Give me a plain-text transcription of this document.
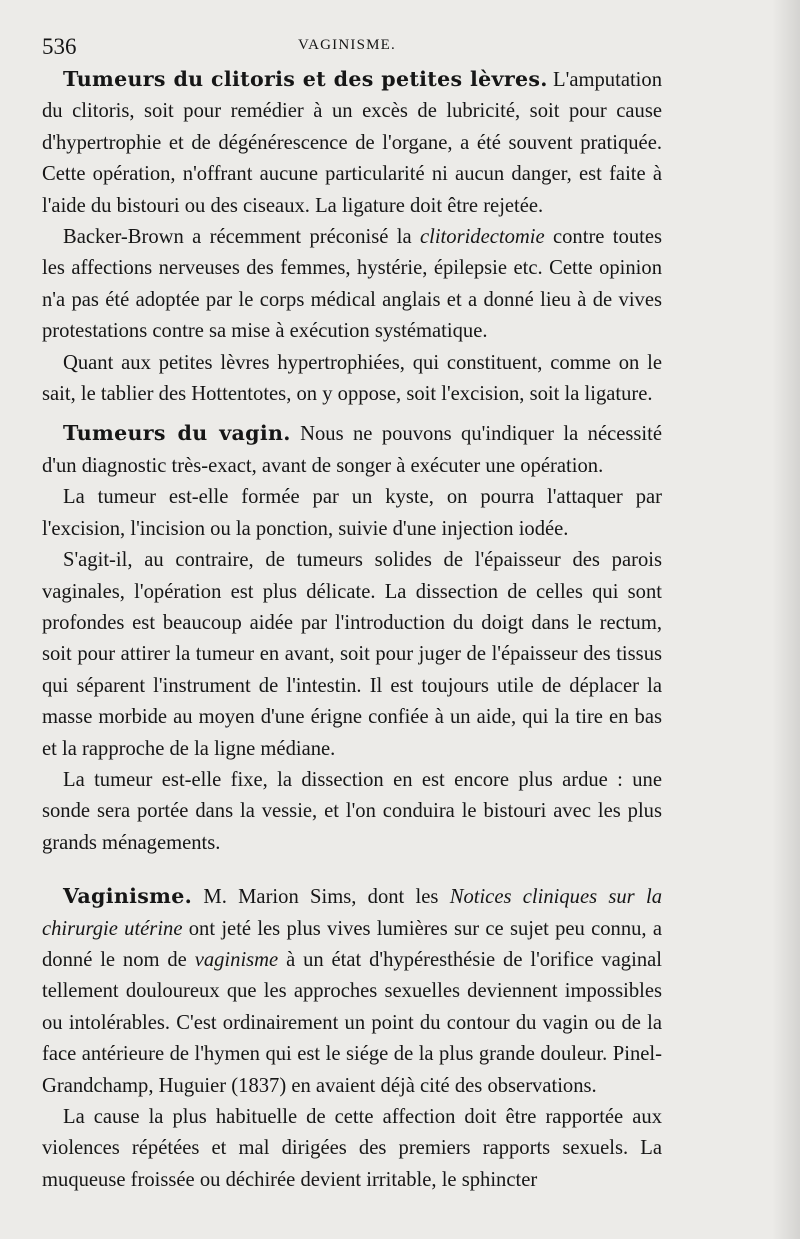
536	VAGINISME.

Tumeurs du clitoris et des petites lèvres. L'amputation du clitoris, soit pour remédier à un excès de lubricité, soit pour cause d'hypertrophie et de dégénérescence de l'organe, a été souvent pratiquée. Cette opération, n'offrant aucune particularité ni aucun danger, est faite à l'aide du bistouri ou des ciseaux. La ligature doit être rejetée.

Backer-Brown a récemment préconisé la clitoridectomie contre toutes les affections nerveuses des femmes, hystérie, épilepsie etc. Cette opinion n'a pas été adoptée par le corps médical anglais et a donné lieu à de vives protestations contre sa mise à exécution systématique.

Quant aux petites lèvres hypertrophiées, qui constituent, comme on le sait, le tablier des Hottentotes, on y oppose, soit l'excision, soit la ligature.

Tumeurs du vagin. Nous ne pouvons qu'indiquer la nécessité d'un diagnostic très-exact, avant de songer à exécuter une opération.

La tumeur est-elle formée par un kyste, on pourra l'attaquer par l'excision, l'incision ou la ponction, suivie d'une injection iodée.

S'agit-il, au contraire, de tumeurs solides de l'épaisseur des parois vaginales, l'opération est plus délicate. La dissection de celles qui sont profondes est beaucoup aidée par l'introduction du doigt dans le rectum, soit pour attirer la tumeur en avant, soit pour juger de l'épaisseur des tissus qui séparent l'instrument de l'intestin. Il est toujours utile de déplacer la masse morbide au moyen d'une érigne confiée à un aide, qui la tire en bas et la rapproche de la ligne médiane.

La tumeur est-elle fixe, la dissection en est encore plus ardue : une sonde sera portée dans la vessie, et l'on conduira le bistouri avec les plus grands ménagements.

Vaginisme. M. Marion Sims, dont les Notices cliniques sur la chirurgie utérine ont jeté les plus vives lumières sur ce sujet peu connu, a donné le nom de vaginisme à un état d'hypéresthésie de l'orifice vaginal tellement douloureux que les approches sexuelles deviennent impossibles ou intolérables. C'est ordinairement un point du contour du vagin ou de la face antérieure de l'hymen qui est le siége de la plus grande douleur. Pinel-Grandchamp, Huguier (1837) en avaient déjà cité des observations.

La cause la plus habituelle de cette affection doit être rapportée aux violences répétées et mal dirigées des premiers rapports sexuels. La muqueuse froissée ou déchirée devient irritable, le sphincter
